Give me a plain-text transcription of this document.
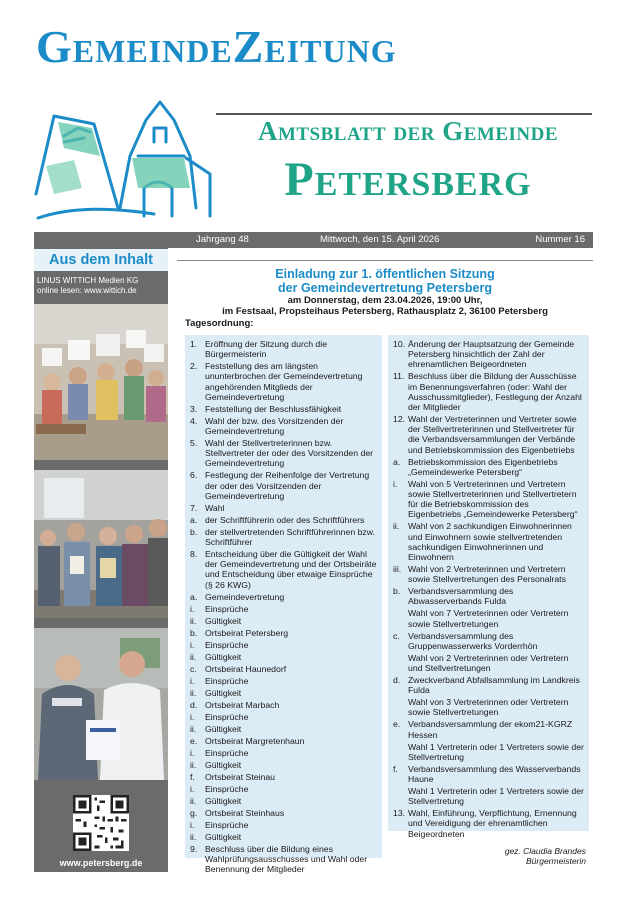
GemeindeZeitung
Amtsblatt der Gemeinde
Petersberg
Jahrgang 48	Mittwoch, den 15. April 2026	Nummer 16
Aus dem Inhalt
LINUS WITTICH Medien KG
online lesen: www.wittich.de
www.petersberg.de
Einladung zur 1. öffentlichen Sitzung
der Gemeindevertretung Petersberg
am Donnerstag, dem 23.04.2026, 19:00 Uhr,
im Festsaal, Propsteihaus Petersberg, Rathausplatz 2, 36100 Petersberg
Tagesordnung:
1. Eröffnung der Sitzung durch die Bürgermeisterin
2. Feststellung des am längsten ununterbrochen der Gemeindevertretung angehörenden Mitglieds der Gemeindevertretung
3. Feststellung der Beschlussfähigkeit
4. Wahl der bzw. des Vorsitzenden der Gemeindevertretung
5. Wahl der Stellvertreterinnen bzw. Stellvertreter der oder des Vorsitzenden der Gemeindevertretung
6. Festlegung der Reihenfolge der Vertretung der oder des Vorsitzenden der Gemeindevertretung
7. Wahl
a. der Schriftführerin oder des Schriftführers
b. der stellvertretenden Schriftführerinnen bzw. Schriftführer
8. Entscheidung über die Gültigkeit der Wahl der Gemeindevertretung und der Ortsbeiräte und Entscheidung über etwaige Einsprüche (§ 26 KWG)
a. Gemeindevertretung
i.	Einsprüche
ii.	Gültigkeit
b. Ortsbeirat Petersberg
i.	Einsprüche
ii.	Gültigkeit
c. Ortsbeirat Haunedorf
i.	Einsprüche
ii.	Gültigkeit
d. Ortsbeirat Marbach
i.	Einsprüche
ii.	Gültigkeit
e. Ortsbeirat Margretenhaun
i.	Einsprüche
ii.	Gültigkeit
f.	Ortsbeirat Steinau
i.	Einsprüche
ii.	Gültigkeit
g. Ortsbeirat Steinhaus
i.	Einsprüche
ii.	Gültigkeit
9. Beschluss über die Bildung eines Wahlprüfungsausschusses und Wahl oder Benennung der Mitglieder
10. Änderung der Hauptsatzung der Gemeinde Petersberg hinsichtlich der Zahl der ehrenamtlichen Beigeordneten
11. Beschluss über die Bildung der Ausschüsse im Benennungsverfahren (oder: Wahl der Ausschussmitglieder), Festlegung der Anzahl der Mitglieder
12. Wahl der Vertreterinnen und Vertreter sowie der Stellvertreterinnen und Stellvertreter für die Verbandsversammlungen der Verbände und Betriebskommission des Eigenbetriebs
a. Betriebskommission des Eigenbetriebs „Gemeindewerke Petersberg“
i.	Wahl von 5 Vertreterinnen und Vertretern sowie Stellvertreterinnen und Stellvertretern für die Betriebskommission des Eigenbetriebs „Gemeindewerke Petersberg“
ii.	Wahl von 2 sachkundigen Einwohnerinnen und Einwohnern sowie stellvertretenden sachkundigen Einwohnerinnen und Einwohnern
iii. Wahl von 2 Vertreterinnen und Vertretern sowie Stellvertretungen des Personalrats
b. Verbandsversammlung des Abwasserverbands Fulda
Wahl von 7 Vertreterinnen oder Vertretern sowie Stellvertretungen
c. Verbandsversammlung des Gruppenwasserwerks Vorderrhön
Wahl von 2 Vertreterinnen oder Vertretern und Stellvertretungen
d. Zweckverband Abfallsammlung im Landkreis Fulda
Wahl von 3 Vertreterinnen oder Vertretern sowie Stellvertretungen
e. Verbandsversammlung der ekom21-KGRZ Hessen
Wahl 1 Vertreterin oder 1 Vertreters sowie der Stellvertretung
f.	Verbandsversammlung des Wasserverbands Haune
Wahl 1 Vertreterin oder 1 Vertreters sowie der Stellvertretung
13. Wahl, Einführung, Verpflichtung, Ernennung und Vereidigung der ehrenamtlichen Beigeordneten
gez. Claudia Brandes
Bürgermeisterin
